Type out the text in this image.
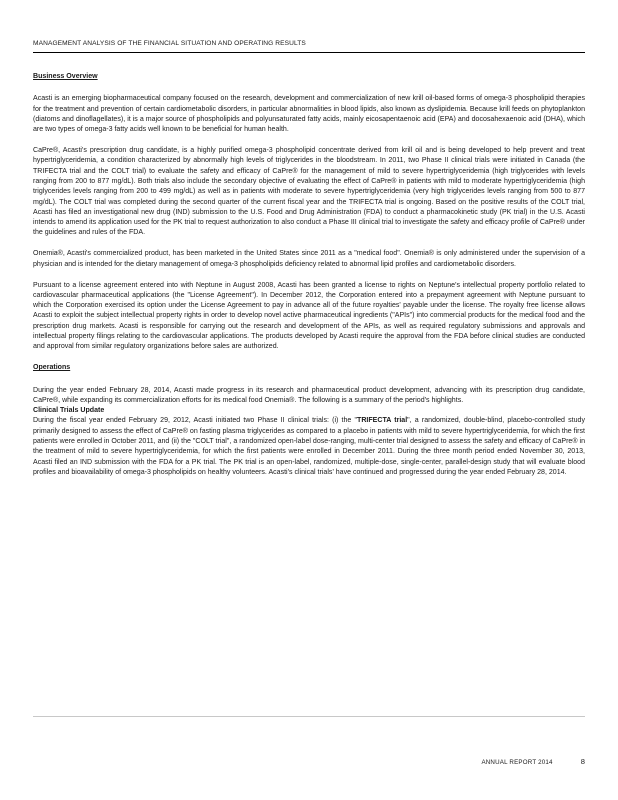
MANAGEMENT ANALYSIS OF THE FINANCIAL SITUATION AND OPERATING RESULTS
Business Overview

Acasti is an emerging biopharmaceutical company focused on the research, development and commercialization of new krill oil-based forms of omega-3 phospholipid therapies for the treatment and prevention of certain cardiometabolic disorders, in particular abnormalities in blood lipids, also known as dyslipidemia. Because krill feeds on phytoplankton (diatoms and dinoflagellates), it is a major source of phospholipids and polyunsaturated fatty acids, mainly eicosapentaenoic acid (EPA) and docosahexaenoic acid (DHA), which are two types of omega-3 fatty acids well known to be beneficial for human health.

CaPre®, Acasti's prescription drug candidate, is a highly purified omega-3 phospholipid concentrate derived from krill oil and is being developed to help prevent and treat hypertriglyceridemia, a condition characterized by abnormally high levels of triglycerides in the bloodstream. In 2011, two Phase II clinical trials were initiated in Canada (the TRIFECTA trial and the COLT trial) to evaluate the safety and efficacy of CaPre® for the management of mild to severe hypertriglyceridemia (high triglycerides with levels ranging from 200 to 877 mg/dL). Both trials also include the secondary objective of evaluating the effect of CaPre® in patients with mild to moderate hypertriglyceridemia (high triglycerides levels ranging from 200 to 499 mg/dL) as well as in patients with moderate to severe hypertriglyceridemia (very high triglycerides levels ranging from 500 to 877 mg/dL). The COLT trial was completed during the second quarter of the current fiscal year and the TRIFECTA trial is ongoing. Based on the positive results of the COLT trial, Acasti has filed an investigational new drug (IND) submission to the U.S. Food and Drug Administration (FDA) to conduct a pharmacokinetic study (PK trial) in the U.S. Acasti intends to amend its application used for the PK trial to request authorization to also conduct a Phase III clinical trial to investigate the safety and efficacy profile of CaPre® under the guidelines and rules of the FDA.

Onemia®, Acasti's commercialized product, has been marketed in the United States since 2011 as a "medical food". Onemia® is only administered under the supervision of a physician and is intended for the dietary management of omega-3 phospholipids deficiency related to abnormal lipid profiles and cardiometabolic disorders.

Pursuant to a license agreement entered into with Neptune in August 2008, Acasti has been granted a license to rights on Neptune's intellectual property portfolio related to cardiovascular pharmaceutical applications (the "License Agreement"). In December 2012, the Corporation entered into a prepayment agreement with Neptune pursuant to which the Corporation exercised its option under the License Agreement to pay in advance all of the future royalties' payable under the license. The royalty free license allows Acasti to exploit the subject intellectual property rights in order to develop novel active pharmaceutical ingredients ("APIs") into commercial products for the medical food and the prescription drug markets. Acasti is responsible for carrying out the research and development of the APIs, as well as required regulatory submissions and approvals and intellectual property filings relating to the cardiovascular applications. The products developed by Acasti require the approval from the FDA before clinical studies are conducted and approval from similar regulatory organizations before sales are authorized.

Operations

During the year ended February 28, 2014, Acasti made progress in its research and pharmaceutical product development, advancing with its prescription drug candidate, CaPre®, while expanding its commercialization efforts for its medical food Onemia®. The following is a summary of the period's highlights.

Clinical Trials Update

During the fiscal year ended February 29, 2012, Acasti initiated two Phase II clinical trials: (i) the "TRIFECTA trial", a randomized, double-blind, placebo-controlled study primarily designed to assess the effect of CaPre® on fasting plasma triglycerides as compared to a placebo in patients with mild to severe hypertriglyceridemia, for which the first patients were enrolled in October 2011, and (ii) the "COLT trial", a randomized open-label dose-ranging, multi-center trial designed to assess the safety and efficacy of CaPre® in the treatment of mild to severe hypertriglyceridemia, for which the first patients were enrolled in December 2011. During the three month period ended November 30, 2013, Acasti filed an IND submission with the FDA for a PK trial. The PK trial is an open-label, randomized, multiple-dose, single-center, parallel-design study that will evaluate blood profiles and bioavailability of omega-3 phospholipids on healthy volunteers. Acasti's clinical trials' have continued and progressed during the year ended February 28, 2014.

ANNUAL REPORT 2014	8
